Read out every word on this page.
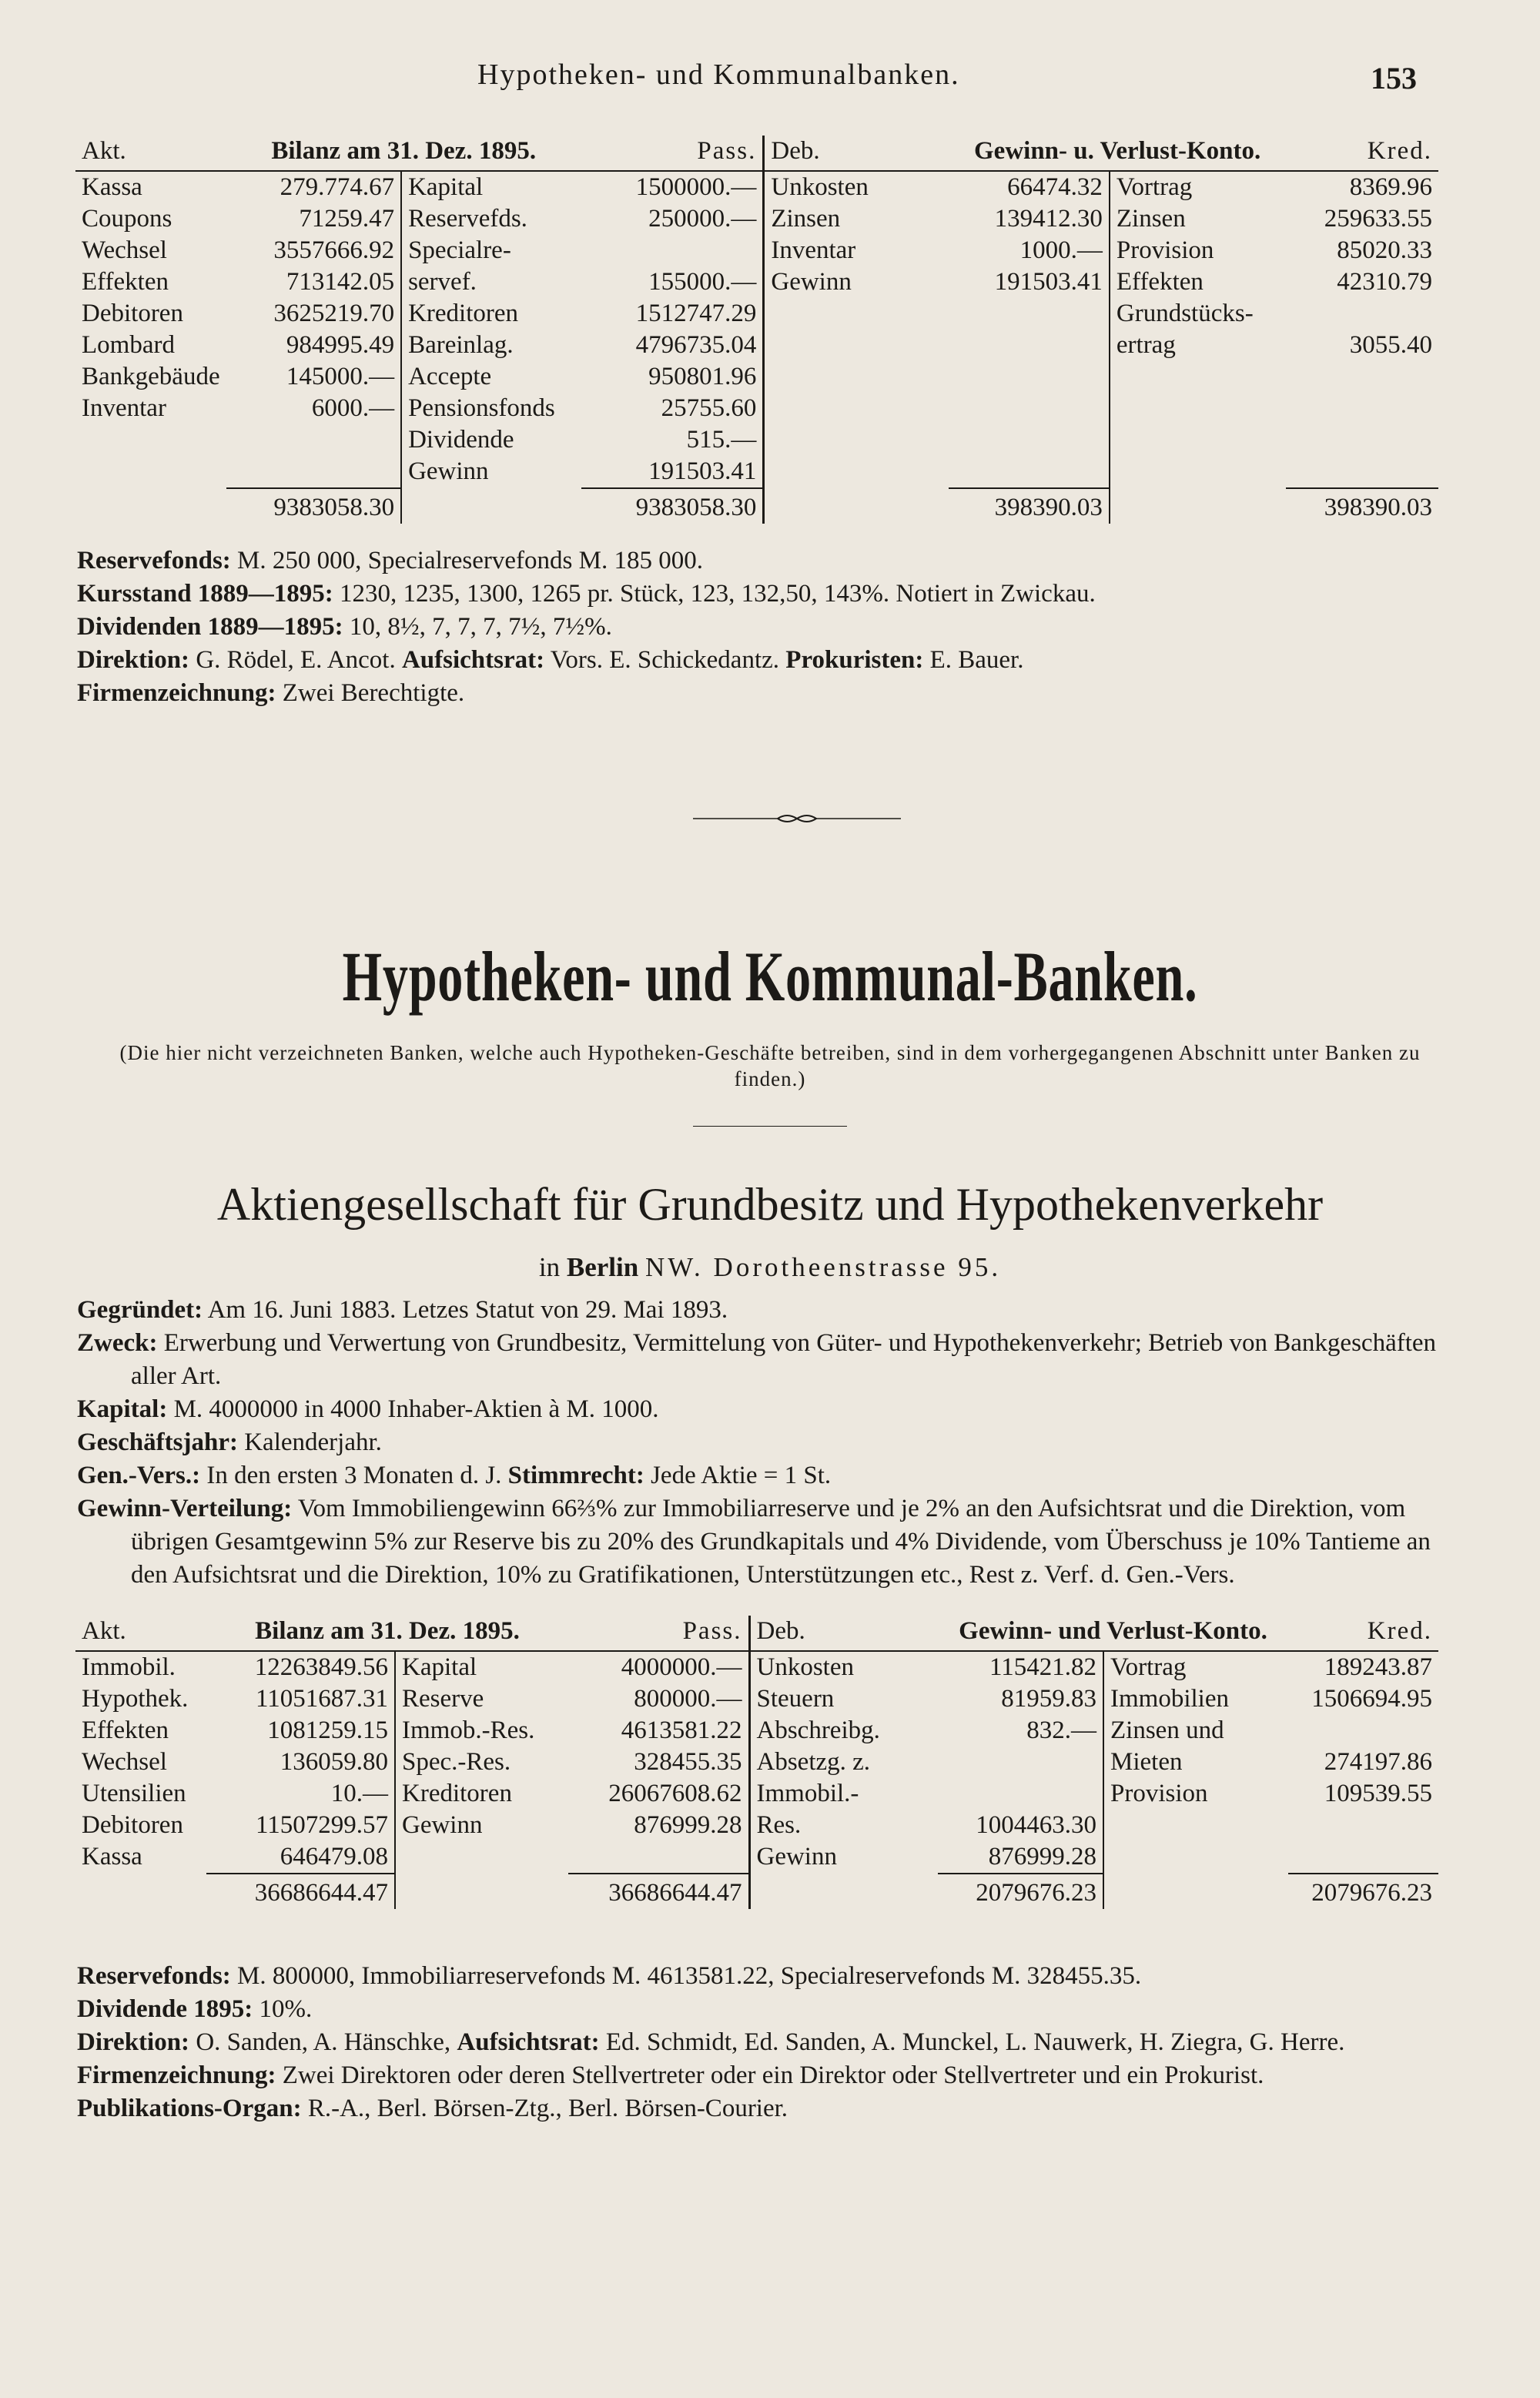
Hypotheken- und Kommunalbanken.	153
Akt.	Bilanz am 31. Dez. 1895.		Pass.	Deb.	Gewinn- u. Verlust-Konto.		Kred.
Kassa	279.774.67	Kapital	1500000.—	Unkosten	66474.32	Vortrag	8369.96
Coupons	71259.47	Reservefds.	250000.—	Zinsen	139412.30	Zinsen	259633.55
Wechsel	3557666.92	Specialre-		Inventar	1000.—	Provision	85020.33
Effekten	713142.05	servef.	155000.—	Gewinn	191503.41	Effekten	42310.79
Debitoren	3625219.70	Kreditoren	1512747.29			Grundstücks-	
Lombard	984995.49	Bareinlag.	4796735.04			ertrag	3055.40
Bankgebäude	145000.—	Accepte	950801.96				
Inventar	6000.—	Pensionsfonds	25755.60				
		Dividende	515.—				
		Gewinn	191503.41				
	9383058.30		9383058.30		398390.03		398390.03

Reservefonds: M. 250 000, Specialreservefonds M. 185 000.

Kursstand 1889—1895: 1230, 1235, 1300, 1265 pr. Stück, 123, 132,50, 143%. Notiert in Zwickau.

Dividenden 1889—1895: 10, 8½, 7, 7, 7, 7½, 7½%.

Direktion: G. Rödel, E. Ancot. Aufsichtsrat: Vors. E. Schickedantz. Prokuristen: E. Bauer.

Firmenzeichnung: Zwei Berechtigte.

Hypotheken- und Kommunal-Banken.
(Die hier nicht verzeichneten Banken, welche auch Hypotheken-Geschäfte betreiben, sind in dem vorhergegangenen Abschnitt unter Banken zu finden.)
Aktiengesellschaft für Grundbesitz und Hypothekenverkehr
in Berlin NW. Dorotheenstrasse 95.

Gegründet: Am 16. Juni 1883. Letzes Statut von 29. Mai 1893.

Zweck: Erwerbung und Verwertung von Grundbesitz, Vermittelung von Güter- und Hypothekenverkehr; Betrieb von Bankgeschäften aller Art.

Kapital: M. 4000000 in 4000 Inhaber-Aktien à M. 1000.

Geschäftsjahr: Kalenderjahr.

Gen.-Vers.: In den ersten 3 Monaten d. J. Stimmrecht: Jede Aktie = 1 St.

Gewinn-Verteilung: Vom Immobiliengewinn 66⅔% zur Immobiliarreserve und je 2% an den Aufsichtsrat und die Direktion, vom übrigen Gesamtgewinn 5% zur Reserve bis zu 20% des Grundkapitals und 4% Dividende, vom Überschuss je 10% Tantieme an den Aufsichtsrat und die Direktion, 10% zu Gratifikationen, Unterstützungen etc., Rest z. Verf. d. Gen.-Vers.

Akt.	Bilanz am 31. Dez. 1895.		Pass.	Deb.	Gewinn- und Verlust-Konto.		Kred.
Immobil.	12263849.56	Kapital	4000000.—	Unkosten	115421.82	Vortrag	189243.87
Hypothek.	11051687.31	Reserve	800000.—	Steuern	81959.83	Immobilien	1506694.95
Effekten	1081259.15	Immob.-Res.	4613581.22	Abschreibg.	832.—	Zinsen und	
Wechsel	136059.80	Spec.-Res.	328455.35	Absetzg. z.		Mieten	274197.86
Utensilien	10.—	Kreditoren	26067608.62	Immobil.-		Provision	109539.55
Debitoren	11507299.57	Gewinn	876999.28	Res.	1004463.30		
Kassa	646479.08			Gewinn	876999.28		
	36686644.47		36686644.47		2079676.23		2079676.23

Reservefonds: M. 800000, Immobiliarreservefonds M. 4613581.22, Specialreservefonds M. 328455.35.

Dividende 1895: 10%.

Direktion: O. Sanden, A. Hänschke, Aufsichtsrat: Ed. Schmidt, Ed. Sanden, A. Munckel, L. Nauwerk, H. Ziegra, G. Herre.

Firmenzeichnung: Zwei Direktoren oder deren Stellvertreter oder ein Direktor oder Stellvertreter und ein Prokurist.

Publikations-Organ: R.-A., Berl. Börsen-Ztg., Berl. Börsen-Courier.
